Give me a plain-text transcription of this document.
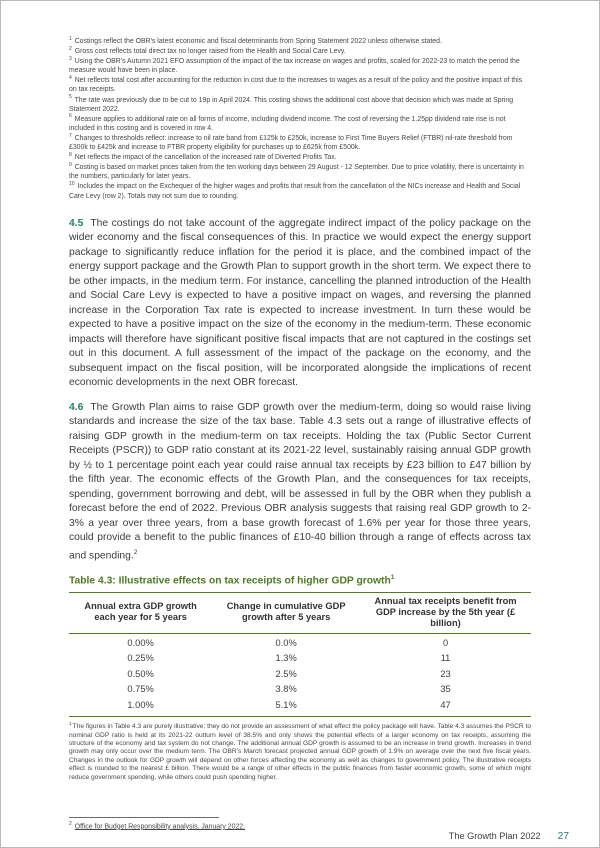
$^1$ Costings reflect the OBR’s latest economic and fiscal determinants from Spring Statement 2022 unless otherwise stated.

$^2$ Gross cost reflects total direct tax no longer raised from the Health and Social Care Levy.

$^3$ Using the OBR’s Autumn 2021 EFO assumption of the impact of the tax increase on wages and profits, scaled for 2022-23 to match the period the measure would have been in place.

$^4$ Net reflects total cost after accounting for the reduction in cost due to the increases to wages as a result of the policy and the positive impact of this on tax receipts.

$^5$ The rate was previously due to be cut to 19p in April 2024. This costing shows the additional cost above that decision which was made at Spring Statement 2022.

$^6$ Measure applies to additional rate on all forms of income, including dividend income. The cost of reversing the 1.25pp dividend rate rise is not included in this costing and is covered in row 4.

$^7$ Changes to thresholds reflect: increase to nil rate band from £125k to £250k, increase to First Time Buyers Relief (FTBR) nil-rate threshold from £300k to £425k and increase to FTBR property eligibility for purchases up to £625k from £500k.

$^8$ Net reflects the impact of the cancellation of the increased rate of Diverted Profits Tax.

$^9$ Costing is based on market prices taken from the ten working days between 29 August - 12 September. Due to price volatility, there is uncertainty in the numbers, particularly for later years.

$^{10}$ Includes the impact on the Exchequer of the higher wages and profits that result from the cancellation of the NICs increase and Health and Social Care Levy (row 2). Totals may not sum due to rounding.

4.5 The costings do not take account of the aggregate indirect impact of the policy package on the wider economy and the fiscal consequences of this. In practice we would expect the energy support package to significantly reduce inflation for the period it is place, and the combined impact of the energy support package and the Growth Plan to support growth in the short term. We expect there to be other impacts, in the medium term. For instance, cancelling the planned introduction of the Health and Social Care Levy is expected to have a positive impact on wages, and reversing the planned increase in the Corporation Tax rate is expected to increase investment. In turn these would be expected to have a positive impact on the size of the economy in the medium-term. These economic impacts will therefore have significant positive fiscal impacts that are not captured in the costings set out in this document. A full assessment of the impact of the package on the economy, and the subsequent impact on the fiscal position, will be incorporated alongside the implications of recent economic developments in the next OBR forecast.

4.6 The Growth Plan aims to raise GDP growth over the medium-term, doing so would raise living standards and increase the size of the tax base. Table 4.3 sets out a range of illustrative effects of raising GDP growth in the medium-term on tax receipts. Holding the tax (Public Sector Current Receipts (PSCR)) to GDP ratio constant at its 2021-22 level, sustainably raising annual GDP growth by ½ to 1 percentage point each year could raise annual tax receipts by £23 billion to £47 billion by the fifth year. The economic effects of the Growth Plan, and the consequences for tax receipts, spending, government borrowing and debt, will be assessed in full by the OBR when they publish a forecast before the end of 2022. Previous OBR analysis suggests that raising real GDP growth to 2-3% a year over three years, from a base growth forecast of 1.6% per year for those three years, could provide a benefit to the public finances of £10-40 billion through a range of effects across tax and spending.$^2$

Table 4.3: Illustrative effects on tax receipts of higher GDP growth$^1$

Annual extra GDP growth each year for 5 years	Change in cumulative GDP growth after 5 years	Annual tax receipts benefit from GDP increase by the 5th year (£ billion)
0.00%	0.0%	0
0.25%	1.3%	11
0.50%	2.5%	23
0.75%	3.8%	35
1.00%	5.1%	47

$^1$The figures in Table 4.3 are purely illustrative; they do not provide an assessment of what effect the policy package will have. Table 4.3 assumes the PSCR to nominal GDP ratio is held at its 2021-22 outturn level of 38.5% and only shows the potential effects of a larger economy on tax receipts, assuming the structure of the economy and tax system do not change. The additional annual GDP growth is assumed to be an increase in trend growth. Increases in trend growth may only occur over the medium term. The OBR’s March forecast projected annual GDP growth of 1.9% on average over the next five fiscal years. Changes in the outlook for GDP growth will depend on other forces affecting the economy as well as changes to government policy. The illustrative receipts effect is rounded to the nearest £ billion. There would be a range of other effects in the public finances from faster economic growth, some of which might reduce government spending, while others could push spending higher.

$^2$ Office for Budget Responsibility analysis, January 2022.

The Growth Plan 2022 27
